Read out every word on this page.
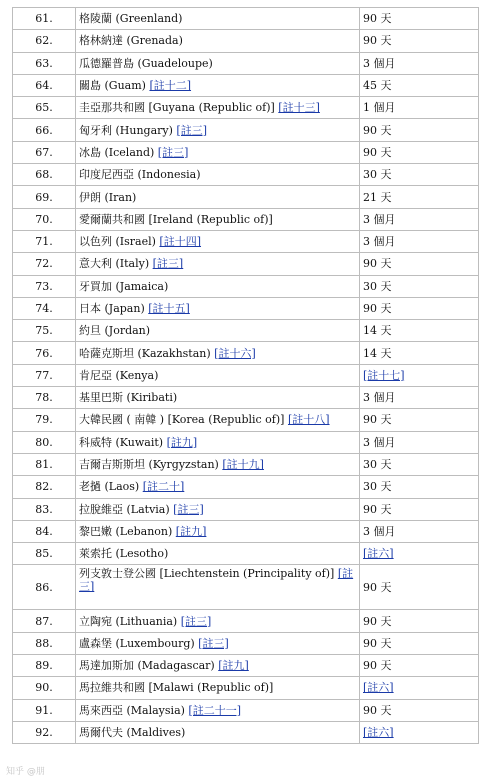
61.	格陵蘭 (Greenland)	90 天
62.	格林納達 (Grenada)	90 天
63.	瓜德羅普島 (Guadeloupe)	3 個月
64.	關島 (Guam) [註十二]	45 天
65.	圭亞那共和國 [Guyana (Republic of)] [註十三]	1 個月
66.	匈牙利 (Hungary) [註三]	90 天
67.	冰島 (Iceland) [註三]	90 天
68.	印度尼西亞 (Indonesia)	30 天
69.	伊朗 (Iran)	21 天
70.	愛爾蘭共和國 [Ireland (Republic of)]	3 個月
71.	以色列 (Israel) [註十四]	3 個月
72.	意大利 (Italy) [註三]	90 天
73.	牙買加 (Jamaica)	30 天
74.	日本 (Japan) [註十五]	90 天
75.	約旦 (Jordan)	14 天
76.	哈薩克斯坦 (Kazakhstan) [註十六]	14 天
77.	肯尼亞 (Kenya)	[註十七]
78.	基里巴斯 (Kiribati)	3 個月
79.	大韓民國 ( 南韓 ) [Korea (Republic of)] [註十八]	90 天
80.	科威特 (Kuwait) [註九]	3 個月
81.	吉爾吉斯斯坦 (Kyrgyzstan) [註十九]	30 天
82.	老撾 (Laos) [註二十]	30 天
83.	拉脫維亞 (Latvia) [註三]	90 天
84.	黎巴嫩 (Lebanon) [註九]	3 個月
85.	萊索托 (Lesotho)	[註六]
86.	列支敦士登公國 [Liechtenstein (Principality of)] [註三]	90 天
87.	立陶宛 (Lithuania) [註三]	90 天
88.	盧森堡 (Luxembourg) [註三]	90 天
89.	馬達加斯加 (Madagascar) [註九]	90 天
90.	馬拉維共和國 [Malawi (Republic of)]	[註六]
91.	馬來西亞 (Malaysia) [註二十一]	90 天
92.	馬爾代夫 (Maldives)	[註六]
知乎 @朋
